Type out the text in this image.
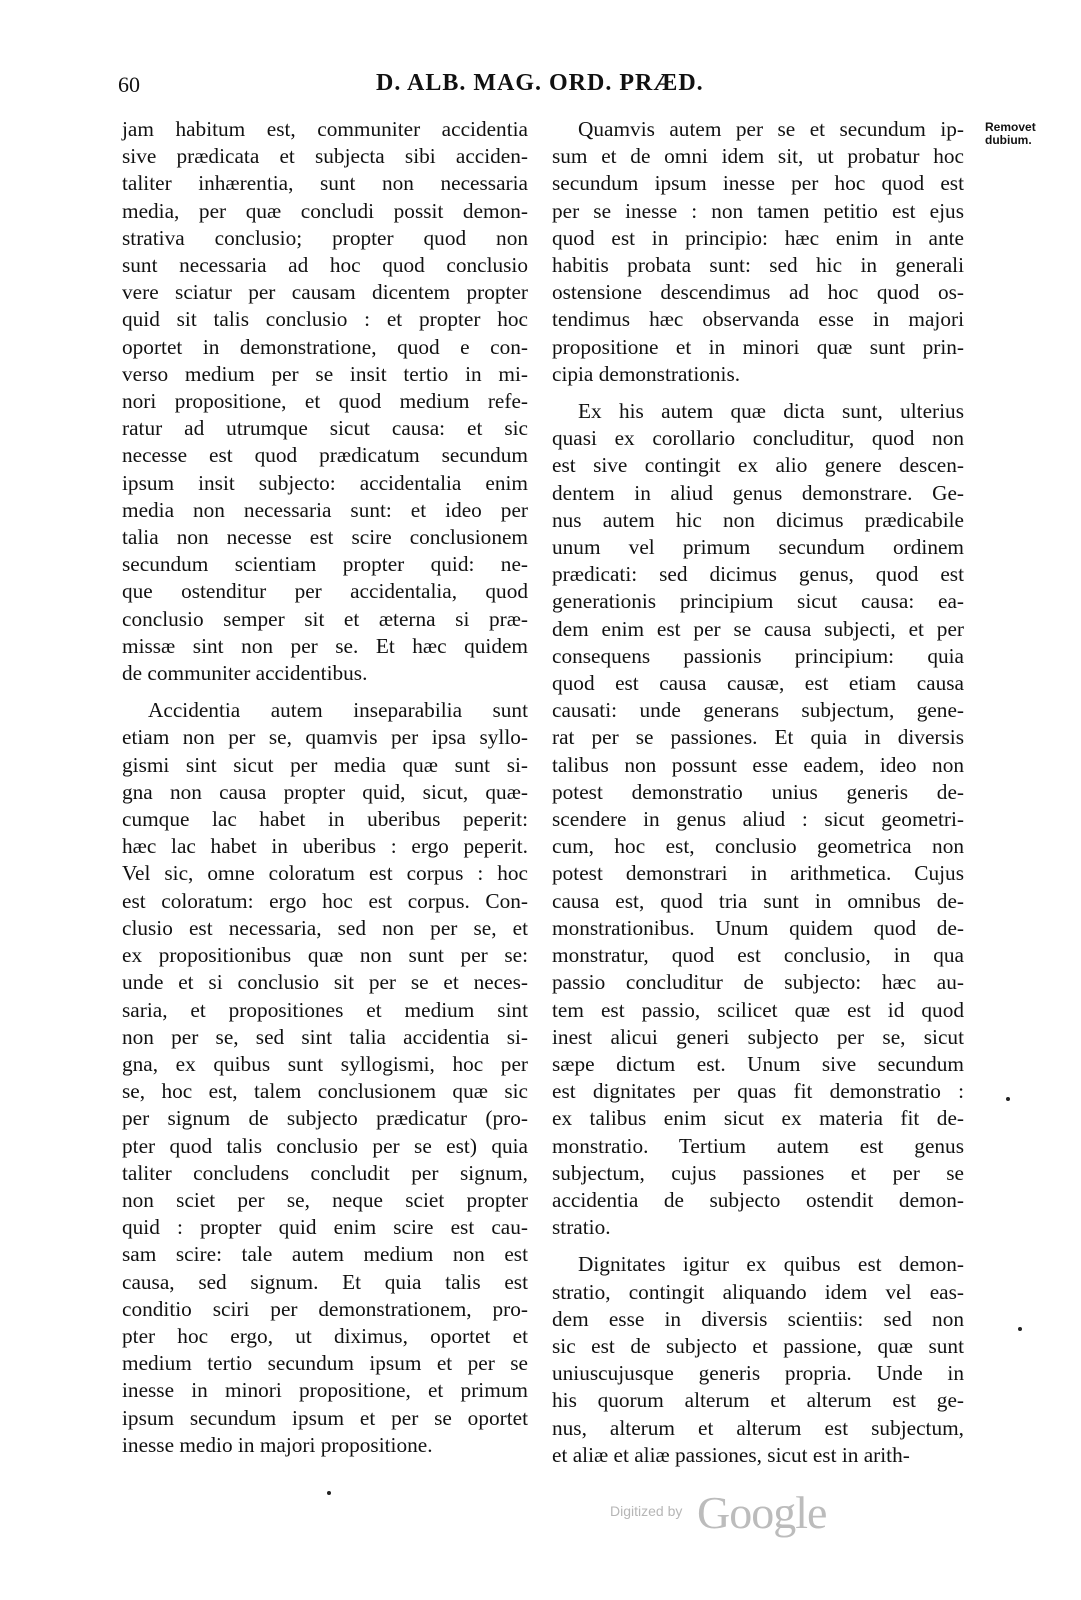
60	D. ALB. MAG. ORD. PRÆD.

jam habitum est, communiter accidentia

sive prædicata et subjecta sibi acciden-

taliter inhærentia, sunt non necessaria

media, per quæ concludi possit demon-

strativa conclusio; propter quod non

sunt necessaria ad hoc quod conclusio

vere sciatur per causam dicentem propter

quid sit talis conclusio : et propter hoc

oportet in demonstratione, quod e con-

verso medium per se insit tertio in mi-

nori propositione, et quod medium refe-

ratur ad utrumque sicut causa: et sic

necesse est quod prædicatum secundum

ipsum insit subjecto: accidentalia enim

media non necessaria sunt: et ideo per

talia non necesse est scire conclusionem

secundum scientiam propter quid: ne-

que ostenditur per accidentalia, quod

conclusio semper sit et æterna si præ-

missæ sint non per se. Et hæc quidem

de communiter accidentibus.

Accidentia autem inseparabilia sunt

etiam non per se, quamvis per ipsa syllo-

gismi sint sicut per media quæ sunt si-

gna non causa propter quid, sicut, quæ-

cumque lac habet in uberibus peperit:

hæc lac habet in uberibus : ergo peperit.

Vel sic, omne coloratum est corpus : hoc

est coloratum: ergo hoc est corpus. Con-

clusio est necessaria, sed non per se, et

ex propositionibus quæ non sunt per se:

unde et si conclusio sit per se et neces-

saria, et propositiones et medium sint

non per se, sed sint talia accidentia si-

gna, ex quibus sunt syllogismi, hoc per

se, hoc est, talem conclusionem quæ sic

per signum de subjecto prædicatur (pro-

pter quod talis conclusio per se est) quia

taliter concludens concludit per signum,

non sciet per se, neque sciet propter

quid : propter quid enim scire est cau-

sam scire: tale autem medium non est

causa, sed signum. Et quia talis est

conditio sciri per demonstrationem, pro-

pter hoc ergo, ut diximus, oportet et

medium tertio secundum ipsum et per se

inesse in minori propositione, et primum

ipsum secundum ipsum et per se oportet

inesse medio in majori propositione.

Quamvis autem per se et secundum ip-

sum et de omni idem sit, ut probatur hoc

secundum ipsum inesse per hoc quod est

per se inesse : non tamen petitio est ejus

quod est in principio: hæc enim in ante

habitis probata sunt: sed hic in generali

ostensione descendimus ad hoc quod os-

tendimus hæc observanda esse in majori

propositione et in minori quæ sunt prin-

cipia demonstrationis.

Ex his autem quæ dicta sunt, ulterius

quasi ex corollario concluditur, quod non

est sive contingit ex alio genere descen-

dentem in aliud genus demonstrare. Ge-

nus autem hic non dicimus prædicabile

unum vel primum secundum ordinem

prædicati: sed dicimus genus, quod est

generationis principium sicut causa: ea-

dem enim est per se causa subjecti, et per

consequens passionis principium: quia

quod est causa causæ, est etiam causa

causati: unde generans subjectum, gene-

rat per se passiones. Et quia in diversis

talibus non possunt esse eadem, ideo non

potest demonstratio unius generis de-

scendere in genus aliud : sicut geometri-

cum, hoc est, conclusio geometrica non

potest demonstrari in arithmetica. Cujus

causa est, quod tria sunt in omnibus de-

monstrationibus. Unum quidem quod de-

monstratur, quod est conclusio, in qua

passio concluditur de subjecto: hæc au-

tem est passio, scilicet quæ est id quod

inest alicui generi subjecto per se, sicut

sæpe dictum est. Unum sive secundum

est dignitates per quas fit demonstratio :

ex talibus enim sicut ex materia fit de-

monstratio. Tertium autem est genus

subjectum, cujus passiones et per se

accidentia de subjecto ostendit demon-

stratio.

Dignitates igitur ex quibus est demon-

stratio, contingit aliquando idem vel eas-

dem esse in diversis scientiis: sed non

sic est de subjecto et passione, quæ sunt

uniuscujusque generis propria. Unde in

his quorum alterum et alterum est ge-

nus, alterum et alterum est subjectum,

et aliæ et aliæ passiones, sicut est in arith-

Removet
dubium.
Digitized by Google
